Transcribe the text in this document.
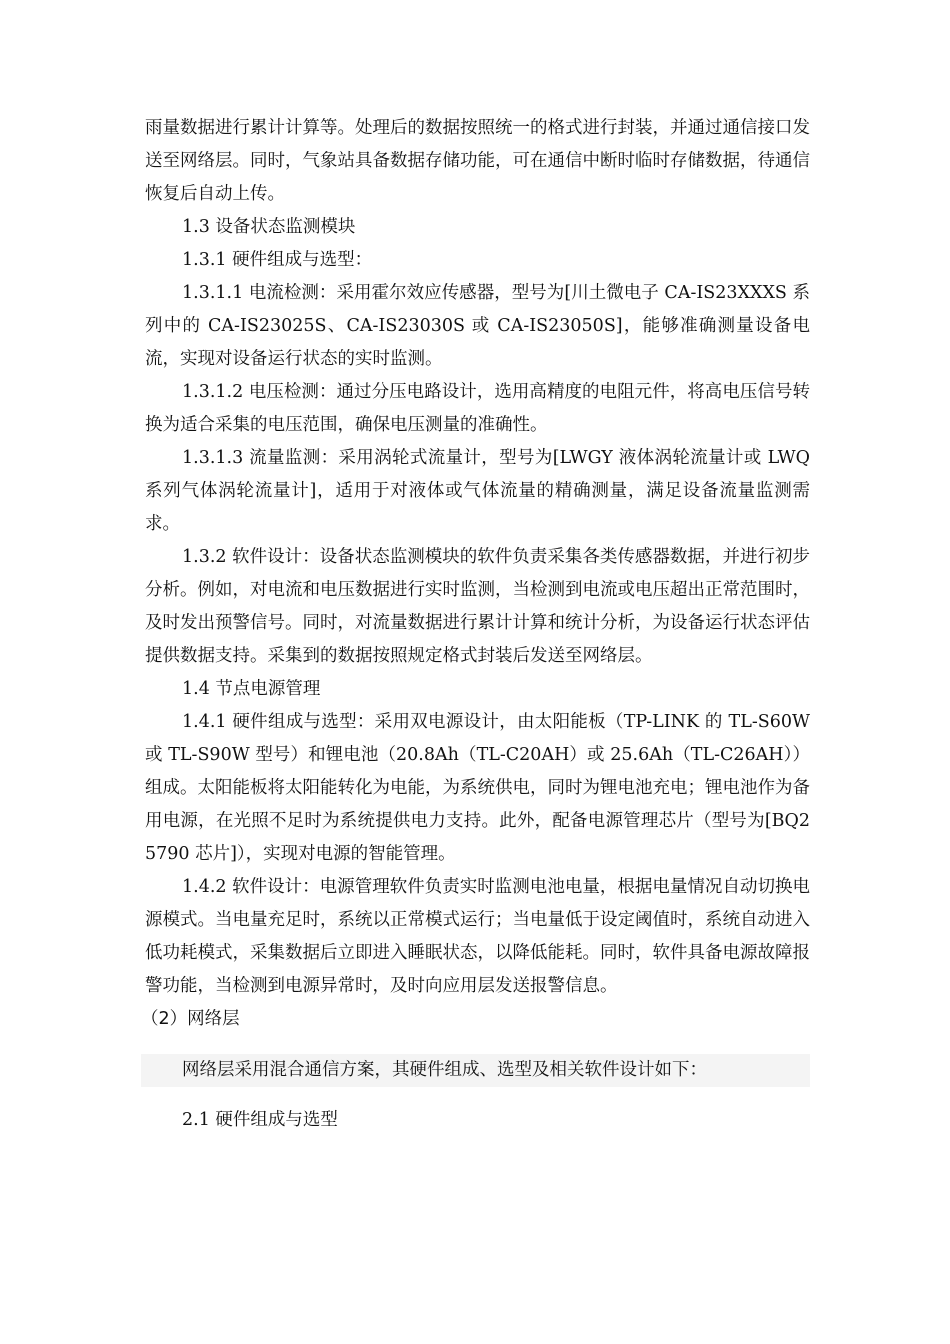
雨量数据进行累计计算等。处理后的数据按照统一的格式进行封装，并通过通信接口发送至网络层。同时，气象站具备数据存储功能，可在通信中断时临时存储数据，待通信恢复后自动上传。

1.3 设备状态监测模块

1.3.1 硬件组成与选型：

1.3.1.1 电流检测：采用霍尔效应传感器，型号为[川土微电子 CA-IS23XXXS 系列中的 CA-IS23025S、CA-IS23030S 或 CA-IS23050S]，能够准确测量设备电流，实现对设备运行状态的实时监测。

1.3.1.2 电压检测：通过分压电路设计，选用高精度的电阻元件，将高电压信号转换为适合采集的电压范围，确保电压测量的准确性。

1.3.1.3 流量监测：采用涡轮式流量计，型号为[LWGY 液体涡轮流量计或 LWQ 系列气体涡轮流量计]，适用于对液体或气体流量的精确测量，满足设备流量监测需求。

1.3.2 软件设计：设备状态监测模块的软件负责采集各类传感器数据，并进行初步分析。例如，对电流和电压数据进行实时监测，当检测到电流或电压超出正常范围时，及时发出预警信号。同时，对流量数据进行累计计算和统计分析，为设备运行状态评估提供数据支持。采集到的数据按照规定格式封装后发送至网络层。

1.4 节点电源管理

1.4.1 硬件组成与选型：采用双电源设计，由太阳能板（TP-LINK 的 TL-S60W 或 TL-S90W 型号）和锂电池（20.8Ah（TL-C20AH）或 25.6Ah（TL-C26AH））组成。太阳能板将太阳能转化为电能，为系统供电，同时为锂电池充电；锂电池作为备用电源，在光照不足时为系统提供电力支持。此外，配备电源管理芯片（型号为[BQ25790 芯片]），实现对电源的智能管理。

1.4.2 软件设计：电源管理软件负责实时监测电池电量，根据电量情况自动切换电源模式。当电量充足时，系统以正常模式运行；当电量低于设定阈值时，系统自动进入低功耗模式，采集数据后立即进入睡眠状态，以降低能耗。同时，软件具备电源故障报警功能，当检测到电源异常时，及时向应用层发送报警信息。

（2）网络层

网络层采用混合通信方案，其硬件组成、选型及相关软件设计如下：

2.1 硬件组成与选型
